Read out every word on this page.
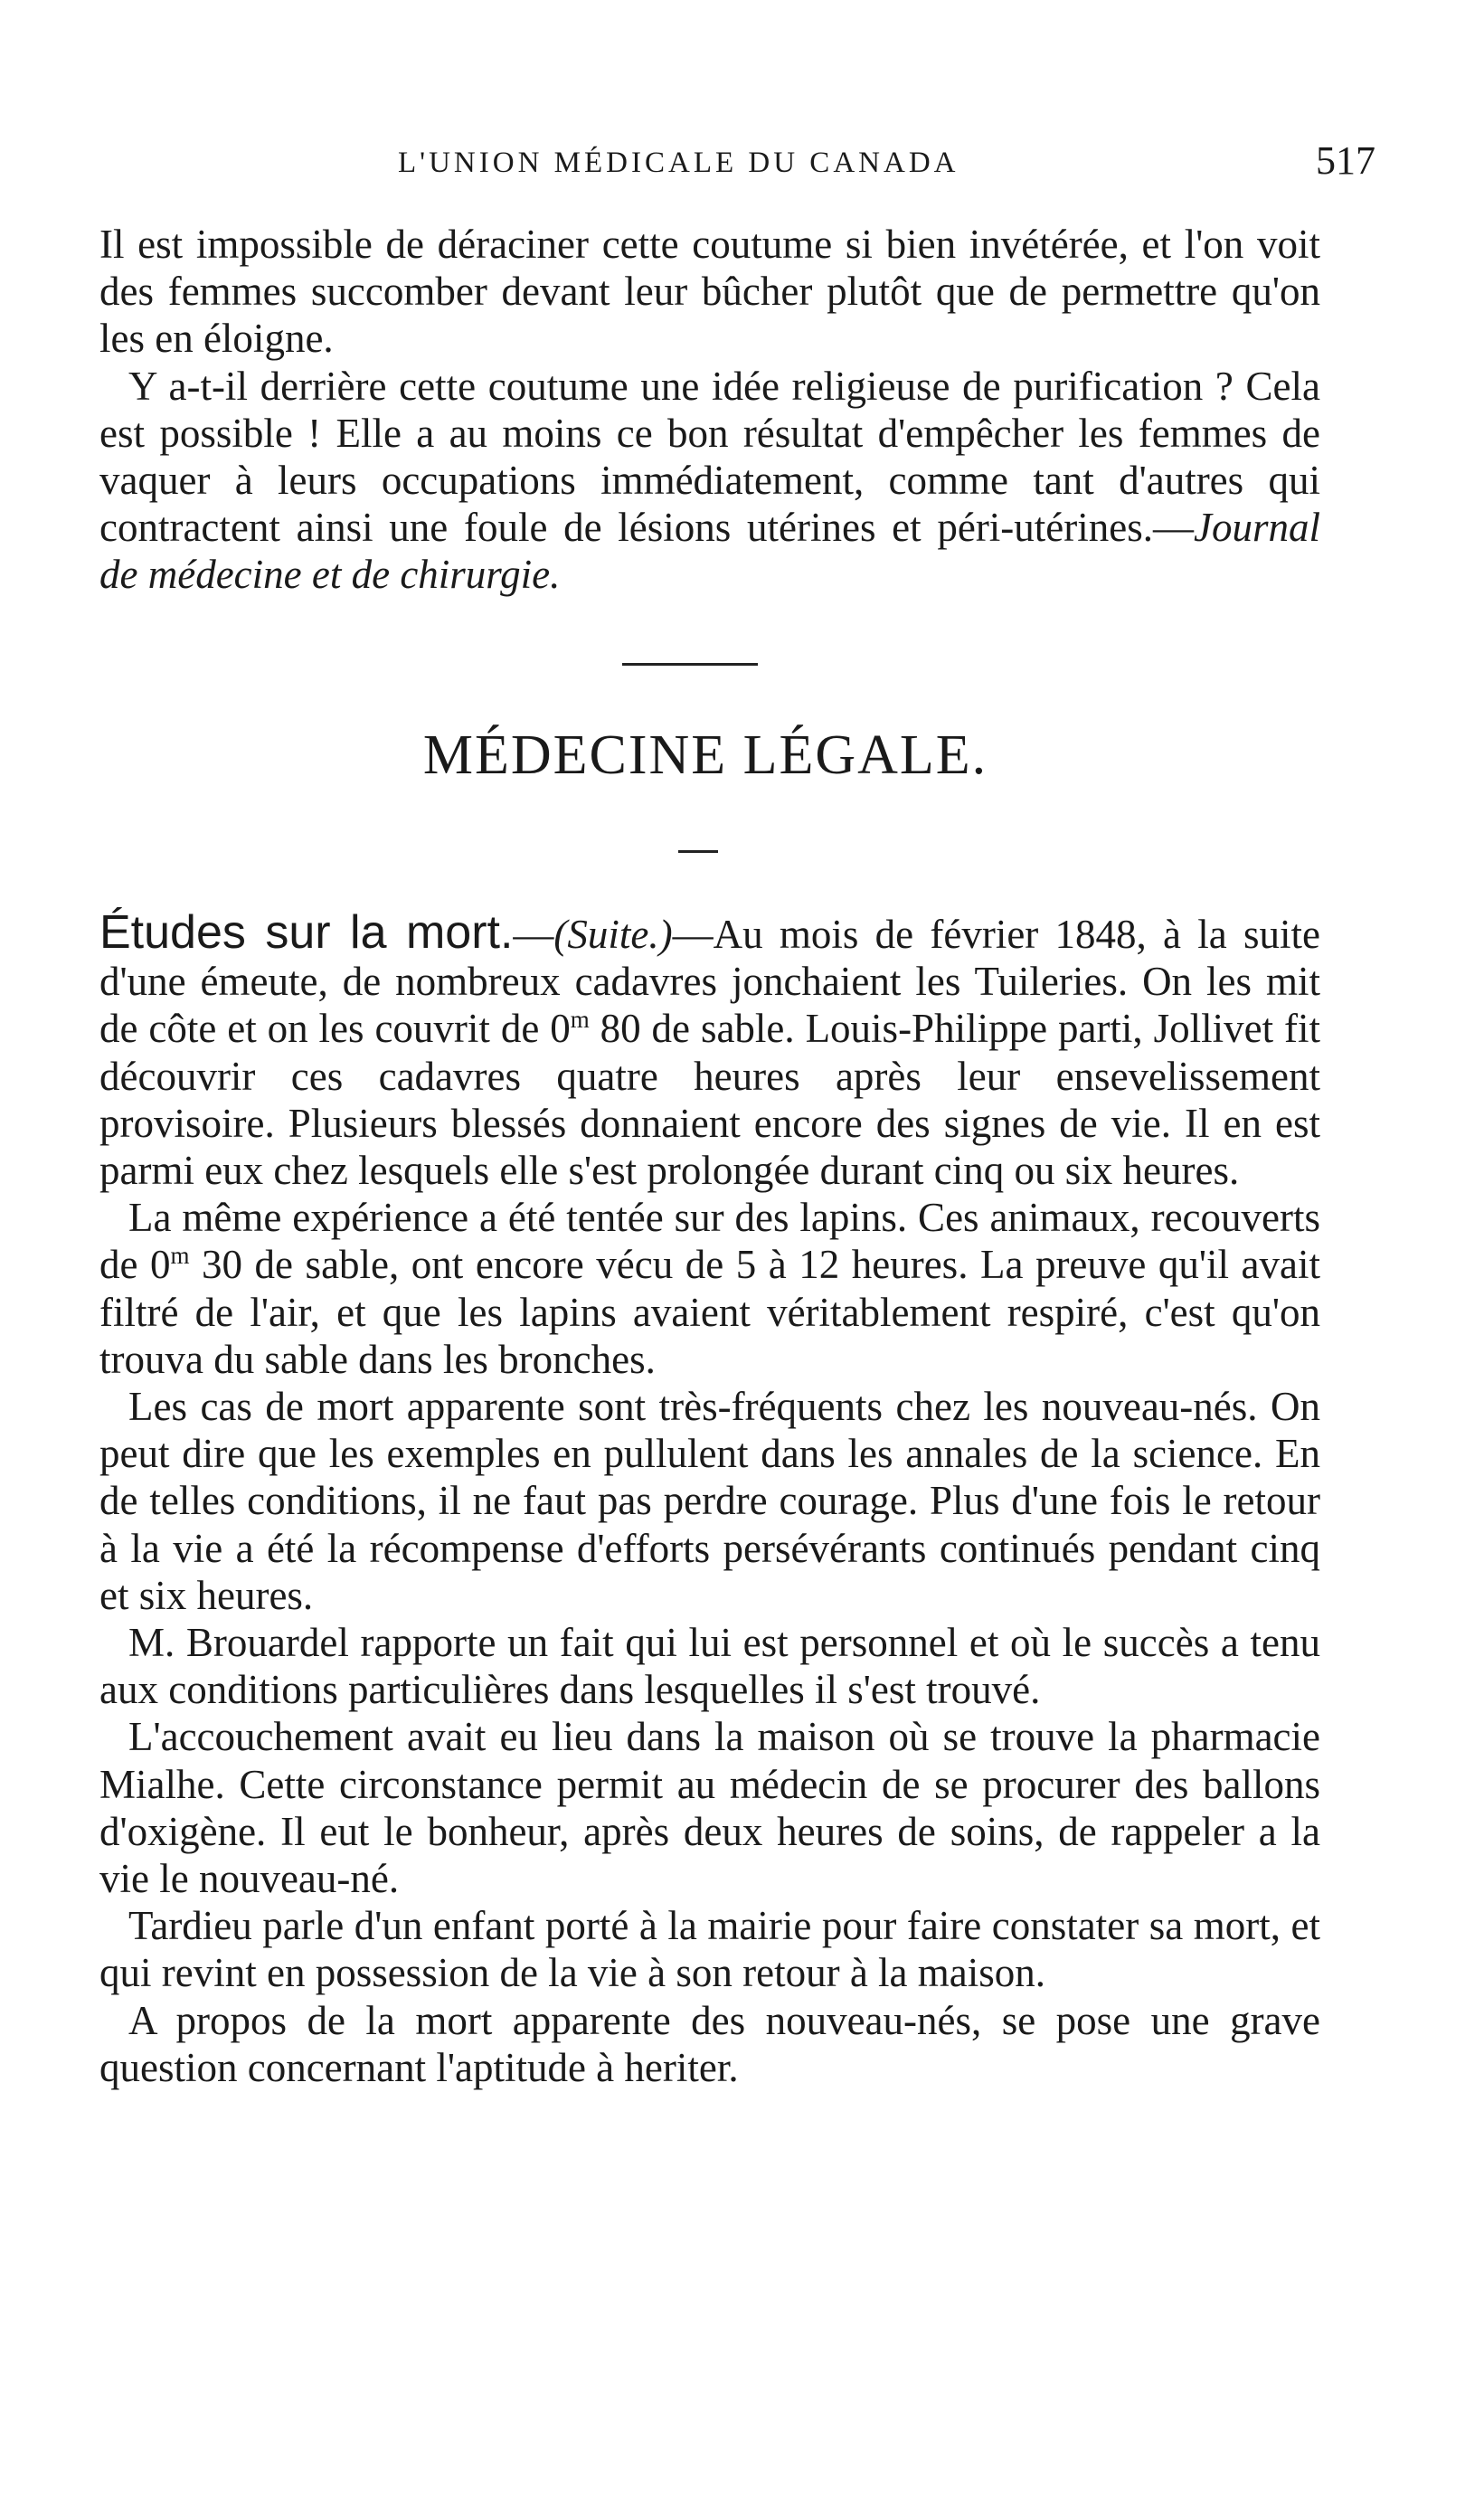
L'UNION MÉDICALE DU CANADA	517

Il est impossible de déraciner cette coutume si bien invétérée, et l'on voit des femmes succomber devant leur bûcher plutôt que de permettre qu'on les en éloigne.

Y a-t-il derrière cette coutume une idée religieuse de purification ? Cela est possible ! Elle a au moins ce bon résultat d'empêcher les femmes de vaquer à leurs occupations immédiatement, comme tant d'autres qui contractent ainsi une foule de lésions utérines et péri-utérines.—Journal de médecine et de chirurgie.

MÉDECINE LÉGALE.

Études sur la mort.—(Suite.)—Au mois de février 1848, à la suite d'une émeute, de nombreux cadavres jonchaient les Tuileries. On les mit de côte et on les couvrit de 0$^m$ 80 de sable. Louis-Philippe parti, Jollivet fit découvrir ces cadavres quatre heures après leur ensevelissement provisoire. Plusieurs blessés donnaient encore des signes de vie. Il en est parmi eux chez lesquels elle s'est prolongée durant cinq ou six heures.

La même expérience a été tentée sur des lapins. Ces animaux, recouverts de 0$^m$ 30 de sable, ont encore vécu de 5 à 12 heures. La preuve qu'il avait filtré de l'air, et que les lapins avaient véritablement respiré, c'est qu'on trouva du sable dans les bronches.

Les cas de mort apparente sont très-fréquents chez les nouveau-nés. On peut dire que les exemples en pullulent dans les annales de la science. En de telles conditions, il ne faut pas perdre courage. Plus d'une fois le retour à la vie a été la récompense d'efforts persévérants continués pendant cinq et six heures.

M. Brouardel rapporte un fait qui lui est personnel et où le succès a tenu aux conditions particulières dans lesquelles il s'est trouvé.

L'accouchement avait eu lieu dans la maison où se trouve la pharmacie Mialhe. Cette circonstance permit au médecin de se procurer des ballons d'oxigène. Il eut le bonheur, après deux heures de soins, de rappeler a la vie le nouveau-né.

Tardieu parle d'un enfant porté à la mairie pour faire constater sa mort, et qui revint en possession de la vie à son retour à la maison.

A propos de la mort apparente des nouveau-nés, se pose une grave question concernant l'aptitude à heriter.
